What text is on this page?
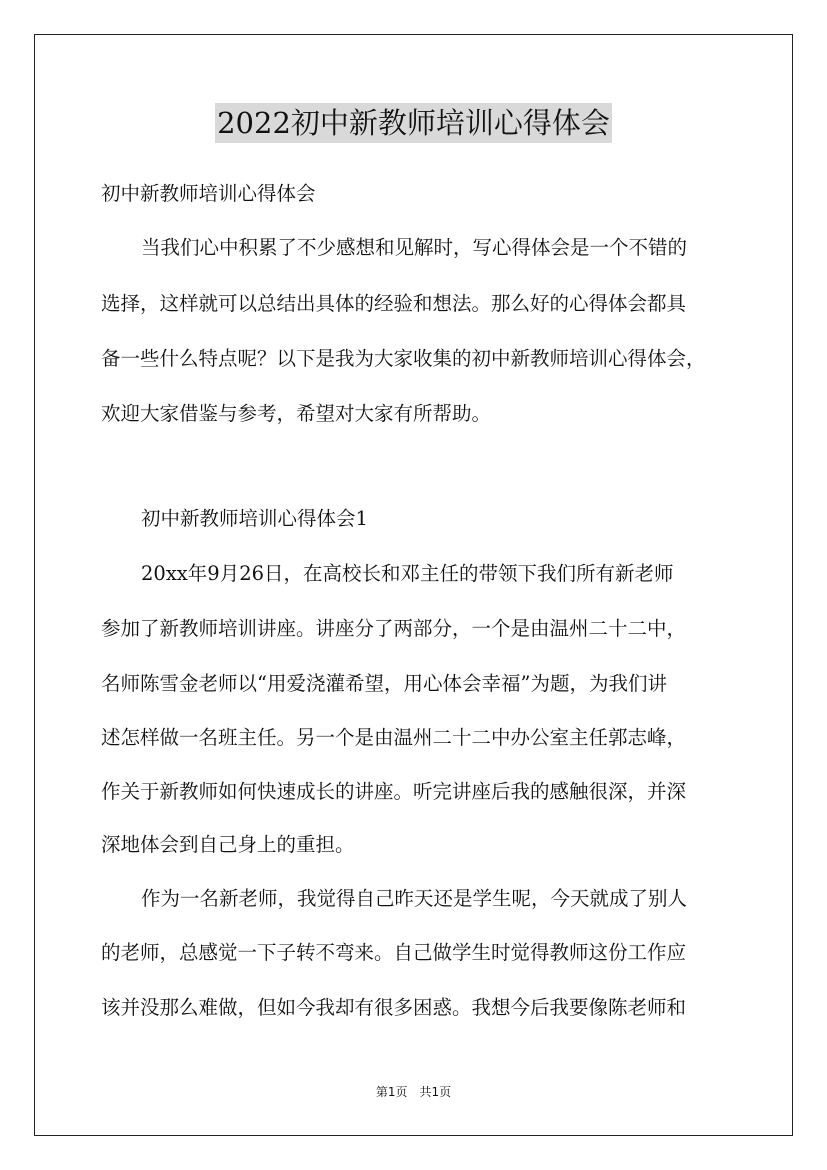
2022初中新教师培训心得体会
初中新教师培训心得体会
当我们心中积累了不少感想和见解时，写心得体会是一个不错的
选择，这样就可以总结出具体的经验和想法。那么好的心得体会都具
备一些什么特点呢？以下是我为大家收集的初中新教师培训心得体会，
欢迎大家借鉴与参考，希望对大家有所帮助。
初中新教师培训心得体会1
20xx年9月26日，在高校长和邓主任的带领下我们所有新老师
参加了新教师培训讲座。讲座分了两部分，一个是由温州二十二中，
名师陈雪金老师以“用爱浇灌希望，用心体会幸福”为题，为我们讲
述怎样做一名班主任。另一个是由温州二十二中办公室主任郭志峰，
作关于新教师如何快速成长的讲座。听完讲座后我的感触很深，并深
深地体会到自己身上的重担。
作为一名新老师，我觉得自己昨天还是学生呢，今天就成了别人
的老师，总感觉一下子转不弯来。自己做学生时觉得教师这份工作应
该并没那么难做，但如今我却有很多困惑。我想今后我要像陈老师和
第1页　共1页
